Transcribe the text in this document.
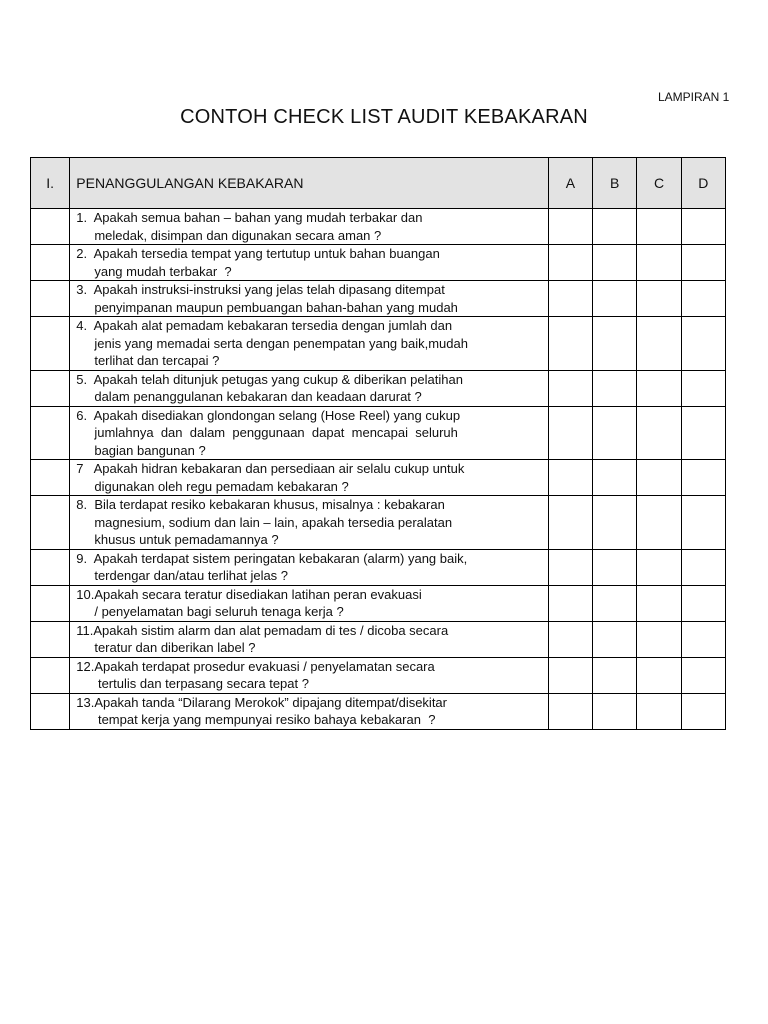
LAMPIRAN 1
CONTOH CHECK LIST AUDIT KEBAKARAN
I.	PENANGGULANGAN KEBAKARAN	A	B	C	D
	1.  Apakah semua bahan – bahan yang mudah terbakar dan
meledak, disimpan dan digunakan secara aman ?				
	2.  Apakah tersedia tempat yang tertutup untuk bahan buangan
yang mudah terbakar  ?				
	3.  Apakah instruksi-instruksi yang jelas telah dipasang ditempat
penyimpanan maupun pembuangan bahan-bahan yang mudah				
	4.  Apakah alat pemadam kebakaran tersedia dengan jumlah dan
jenis yang memadai serta dengan penempatan yang baik,mudah
terlihat dan tercapai ?				
	5.  Apakah telah ditunjuk petugas yang cukup & diberikan pelatihan
dalam penanggulanan kebakaran dan keadaan darurat ?				
	6.  Apakah disediakan glondongan selang (Hose Reel) yang cukup
jumlahnya  dan  dalam  penggunaan  dapat  mencapai  seluruh
bagian bangunan ?				
	7   Apakah hidran kebakaran dan persediaan air selalu cukup untuk
digunakan oleh regu pemadam kebakaran ?				
	8.  Bila terdapat resiko kebakaran khusus, misalnya : kebakaran
magnesium, sodium dan lain – lain, apakah tersedia peralatan
khusus untuk pemadamannya ?				
	9.  Apakah terdapat sistem peringatan kebakaran (alarm) yang baik,
terdengar dan/atau terlihat jelas ?				
	10.Apakah secara teratur disediakan latihan peran evakuasi
/ penyelamatan bagi seluruh tenaga kerja ?				
	11.Apakah sistim alarm dan alat pemadam di tes / dicoba secara
teratur dan diberikan label ?				
	12.Apakah terdapat prosedur evakuasi / penyelamatan secara
tertulis dan terpasang secara tepat ?				
	13.Apakah tanda “Dilarang Merokok” dipajang ditempat/disekitar
tempat kerja yang mempunyai resiko bahaya kebakaran  ?				
